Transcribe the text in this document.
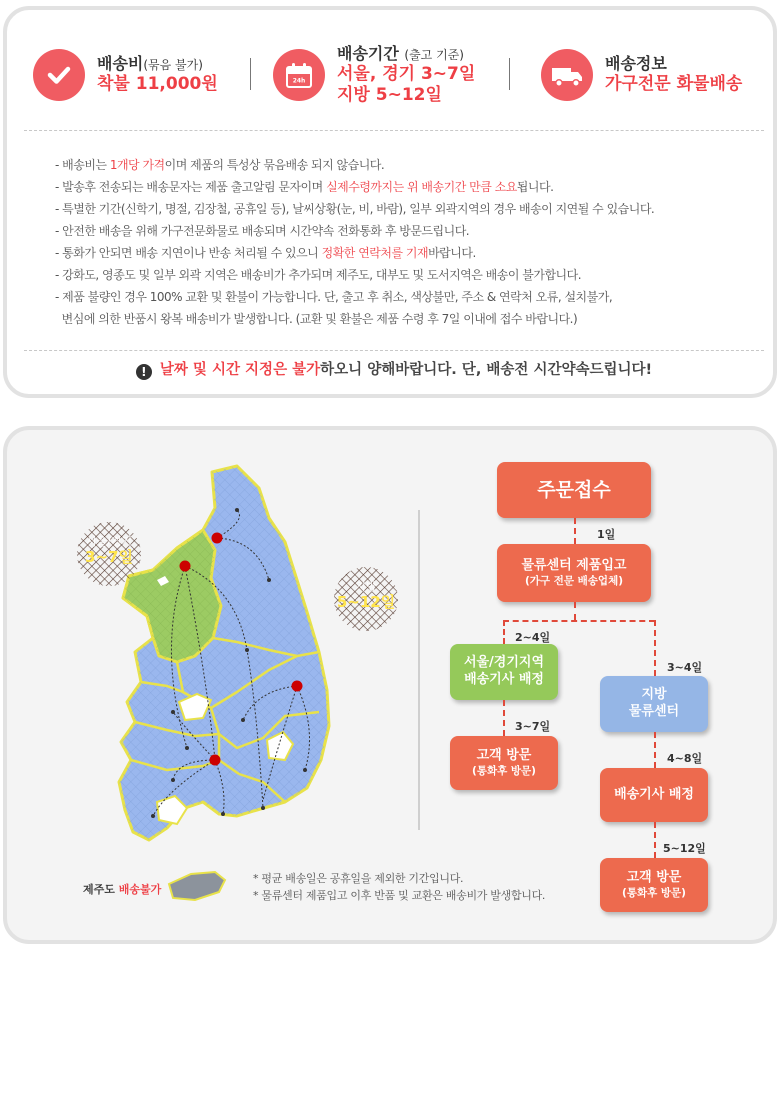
배송비(묶음 불가)
착불 11,000원	24h
배송기간 (출고 기준)
서울, 경기 3~7일
지방 5~12일
배송정보
가구전문 화물배송
- 배송비는 1개당 가격이며 제품의 특성상 묶음배송 되지 않습니다.
- 발송후 전송되는 배송문자는 제품 출고알림 문자이며 실제수령까지는 위 배송기간 만큼 소요됩니다.
- 특별한 기간(신학기, 명절, 김장철, 공휴일 등), 날씨상황(눈, 비, 바람), 일부 외곽지역의 경우 배송이 지연될 수 있습니다.
- 안전한 배송을 위해 가구전문화물로 배송되며 시간약속 전화통화 후 방문드립니다.
- 통화가 안되면 배송 지연이나 반송 처리될 수 있으니 정확한 연락처를 기재바랍니다.
- 강화도, 영종도 및 일부 외곽 지역은 배송비가 추가되며 제주도, 대부도 및 도서지역은 배송이 불가합니다.
- 제품 불량인 경우 100% 교환 및 환불이 가능합니다. 단, 출고 후 취소, 색상불만, 주소 & 연락처 오류, 설치불가,
변심에 의한 반품시 왕복 배송비가 발생합니다. (교환 및 환불은 제품 수령 후 7일 이내에 접수 바랍니다.)
! 날짜 및 시간 지정은 불가하오니 양해바랍니다. 단, 배송전 시간약속드립니다!
서울/경기
3~7일
지방
5~12일
제주도 배송불가
* 평균 배송일은 공휴일을 제외한 기간입니다.
* 물류센터 제품입고 이후 반품 및 교환은 배송비가 발생합니다.
주문접수
1일
물류센터 제품입고
(가구 전문 배송업체)
2~4일
서울/경기지역
배송기사 배정
3~7일
고객 방문
(통화후 방문)
3~4일
지방
물류센터
4~8일
배송기사 배정
5~12일
고객 방문
(통화후 방문)
